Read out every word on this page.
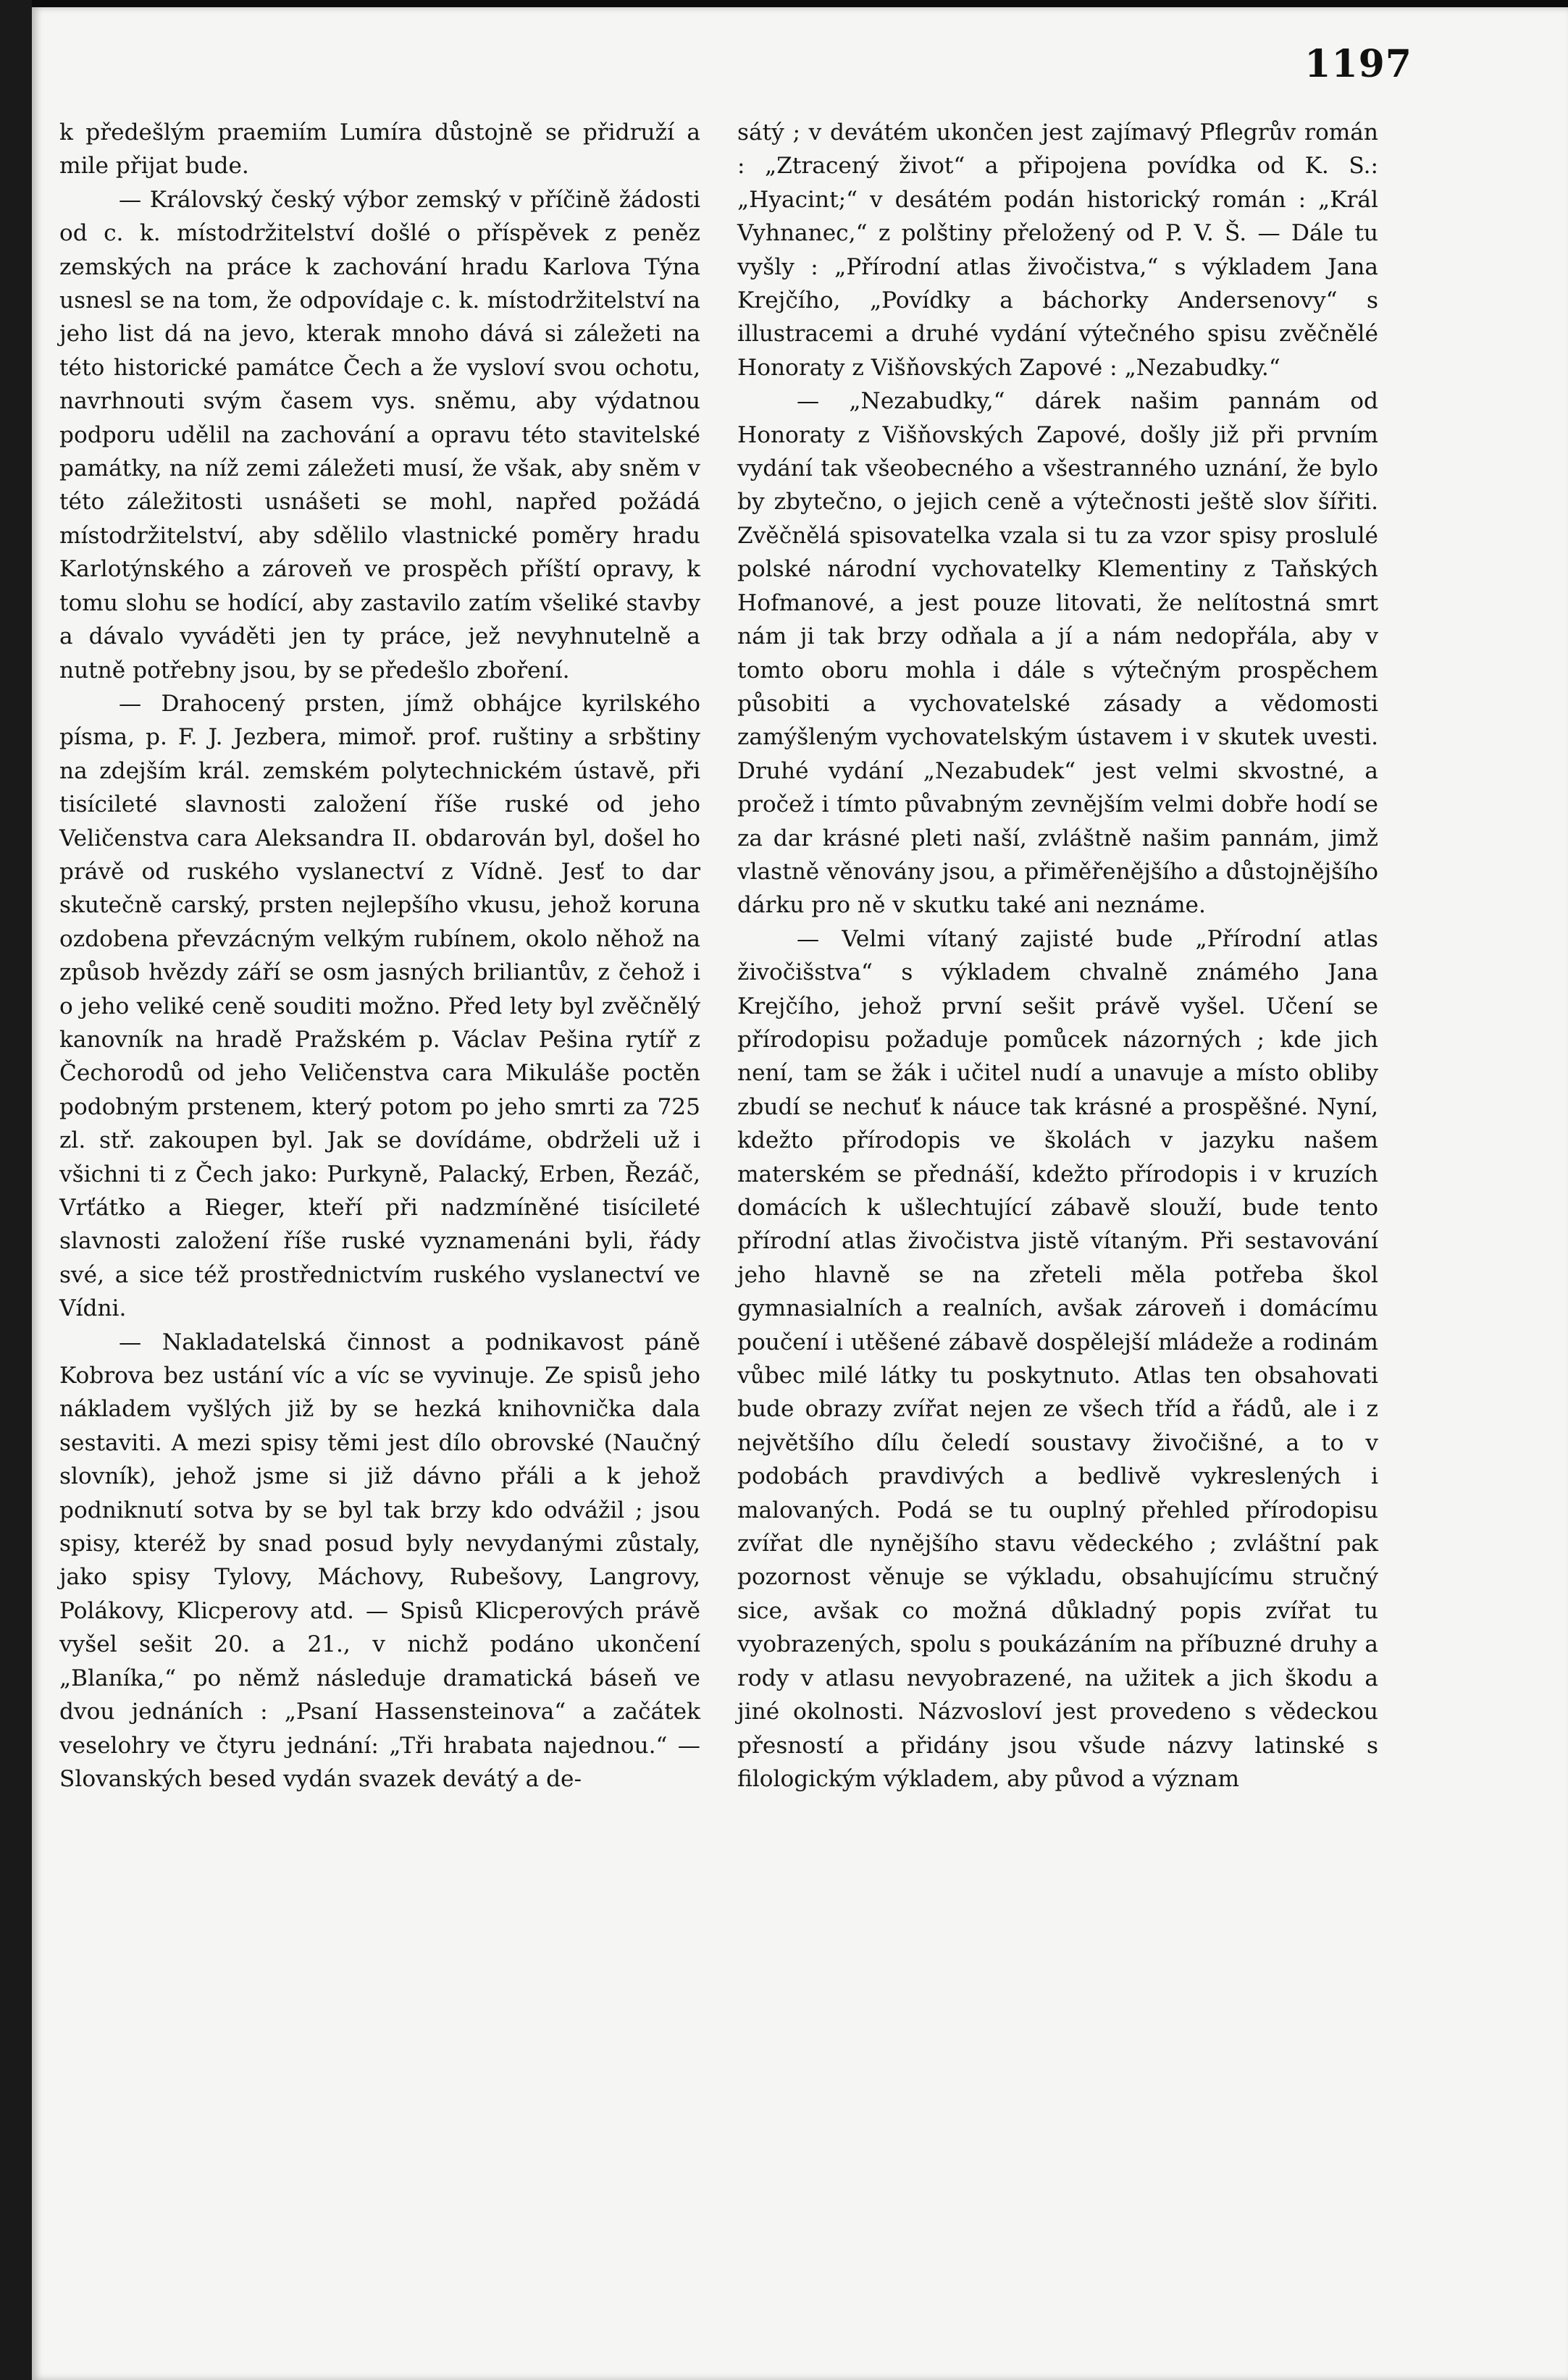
1197

k předešlým praemiím Lumíra důstojně se přidruží a mile přijat bude.

— Královský český výbor zemský v příčině žádosti od c. k. místodržitelství došlé o příspěvek z peněz zemských na práce k zachování hradu Karlova Týna usnesl se na tom, že odpovídaje c. k. místodržitelství na jeho list dá na jevo, kterak mnoho dává si záležeti na této historické památce Čech a že vysloví svou ochotu, navrhnouti svým časem vys. sněmu, aby výdatnou podporu udělil na zachování a opravu této stavitelské památky, na níž zemi záležeti musí, že však, aby sněm v této záležitosti usnášeti se mohl, napřed požádá místodržitelství, aby sdělilo vlastnické poměry hradu Karlotýnského a zároveň ve prospěch příští opravy, k tomu slohu se hodící, aby zastavilo zatím všeliké stavby a dávalo vyváděti jen ty práce, jež nevyhnutelně a nutně potřebny jsou, by se předešlo zboření.

— Drahocený prsten, jímž obhájce kyrilského písma, p. F. J. Jezbera, mimoř. prof. ruštiny a srbštiny na zdejším král. zemském polytechnickém ústavě, při tisícileté slavnosti založení říše ruské od jeho Veličenstva cara Aleksandra II. obdarován byl, došel ho právě od ruského vyslanectví z Vídně. Jesť to dar skutečně carský, prsten nejlepšího vkusu, jehož koruna ozdobena převzácným velkým rubínem, okolo něhož na způsob hvězdy září se osm jasných briliantův, z čehož i o jeho veliké ceně souditi možno. Před lety byl zvěčnělý kanovník na hradě Pražském p. Václav Pešina rytíř z Čechorodů od jeho Veličenstva cara Mikuláše poctěn podobným prstenem, který potom po jeho smrti za 725 zl. stř. zakoupen byl. Jak se dovídáme, obdrželi už i všichni ti z Čech jako: Purkyně, Palacký, Erben, Řezáč, Vrťátko a Rieger, kteří při nadzmíněné tisícileté slavnosti založení říše ruské vyznamenáni byli, řády své, a sice též prostřednictvím ruského vyslanectví ve Vídni.

— Nakladatelská činnost a podnikavost páně Kobrova bez ustání víc a víc se vyvinuje. Ze spisů jeho nákladem vyšlých již by se hezká knihovnička dala sestaviti. A mezi spisy těmi jest dílo obrovské (Naučný slovník), jehož jsme si již dávno přáli a k jehož podniknutí sotva by se byl tak brzy kdo odvážil ; jsou spisy, kteréž by snad posud byly nevydanými zůstaly, jako spisy Tylovy, Máchovy, Rubešovy, Langrovy, Polákovy, Klicperovy atd. — Spisů Klicperových právě vyšel sešit 20. a 21., v nichž podáno ukončení „Blaníka,“ po němž následuje dramatická báseň ve dvou jednáních : „Psaní Hassensteinova“ a začátek veselohry ve čtyru jednání: „Tři hrabata najednou.“ — Slovanských besed vydán svazek devátý a de-

sátý ; v devátém ukončen jest zajímavý Pflegrův román : „Ztracený život“ a připojena povídka od K. S.: „Hyacint;“ v desátém podán historický román : „Král Vyhnanec,“ z polštiny přeložený od P. V. Š. — Dále tu vyšly : „Přírodní atlas živočistva,“ s výkladem Jana Krejčího, „Povídky a báchorky Andersenovy“ s illustracemi a druhé vydání výtečného spisu zvěčnělé Honoraty z Višňovských Zapové : „Nezabudky.“

— „Nezabudky,“ dárek našim pannám od Honoraty z Višňovských Zapové, došly již při prvním vydání tak všeobecného a všestranného uznání, že bylo by zbytečno, o jejich ceně a výtečnosti ještě slov šířiti. Zvěčnělá spisovatelka vzala si tu za vzor spisy proslulé polské národní vychovatelky Klementiny z Taňských Hofmanové, a jest pouze litovati, že nelítostná smrt nám ji tak brzy odňala a jí a nám nedopřála, aby v tomto oboru mohla i dále s výtečným prospěchem působiti a vychovatelské zásady a vědomosti zamýšleným vychovatelským ústavem i v skutek uvesti. Druhé vydání „Nezabudek“ jest velmi skvostné, a pročež i tímto půvabným zevnějším velmi dobře hodí se za dar krásné pleti naší, zvláštně našim pannám, jimž vlastně věnovány jsou, a přiměřenějšího a důstojnějšího dárku pro ně v skutku také ani neznáme.

— Velmi vítaný zajisté bude „Přírodní atlas živočišstva“ s výkladem chvalně známého Jana Krejčího, jehož první sešit právě vyšel. Učení se přírodopisu požaduje pomůcek názorných ; kde jich není, tam se žák i učitel nudí a unavuje a místo obliby zbudí se nechuť k náuce tak krásné a prospěšné. Nyní, kdežto přírodopis ve školách v jazyku našem materském se přednáší, kdežto přírodopis i v kruzích domácích k ušlechtující zábavě slouží, bude tento přírodní atlas živočistva jistě vítaným. Při sestavování jeho hlavně se na zřeteli měla potřeba škol gymnasialních a realních, avšak zároveň i domácímu poučení i utěšené zábavě dospělejší mládeže a rodinám vůbec milé látky tu poskytnuto. Atlas ten obsahovati bude obrazy zvířat nejen ze všech tříd a řádů, ale i z největšího dílu čeledí soustavy živočišné, a to v podobách pravdivých a bedlivě vykreslených i malovaných. Podá se tu ouplný přehled přírodopisu zvířat dle nynějšího stavu vědeckého ; zvláštní pak pozornost věnuje se výkladu, obsahujícímu stručný sice, avšak co možná důkladný popis zvířat tu vyobrazených, spolu s poukázáním na příbuzné druhy a rody v atlasu nevyobrazené, na užitek a jich škodu a jiné okolnosti. Názvosloví jest provedeno s vědeckou přesností a přidány jsou všude názvy latinské s filologickým výkladem, aby původ a význam
